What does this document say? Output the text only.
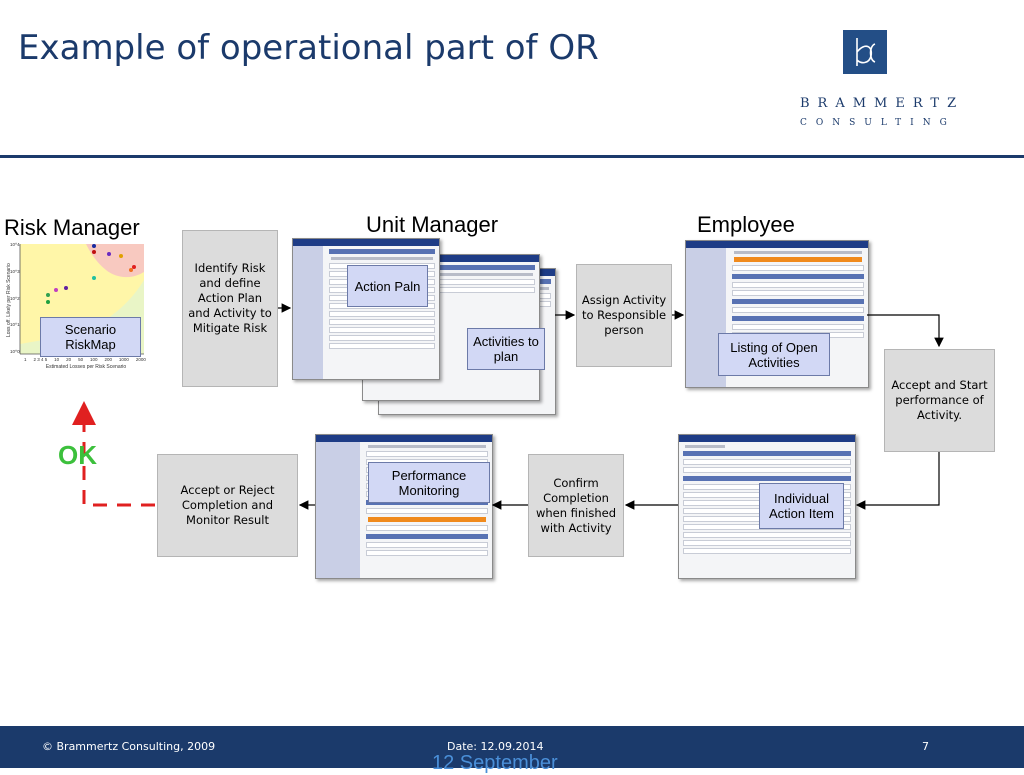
Example of operational part of OR
BRAMMERTZ
CONSULTING
Risk Manager	Unit Manager	Employee
Loss off. Likely per Risk Scenario
Estimated Losses per Risk Scenario
1 2 3 4 5 10 20 50 100 200 1000 2000
10^4
10^3
10^2
10^1
10^0
Scenario RiskMap
Identify Risk and define Action Plan and Activity to Mitigate Risk
Action Paln
Activities to plan
Assign Activity to Responsible person
Listing of Open Activities
Accept and Start performance of Activity.
Individual Action Item
Confirm Completion when finished with Activity
Performance Monitoring
Accept or Reject Completion and Monitor Result
OK
© Brammertz Consulting, 2009	Date: 12.09.2014	7
12 September
